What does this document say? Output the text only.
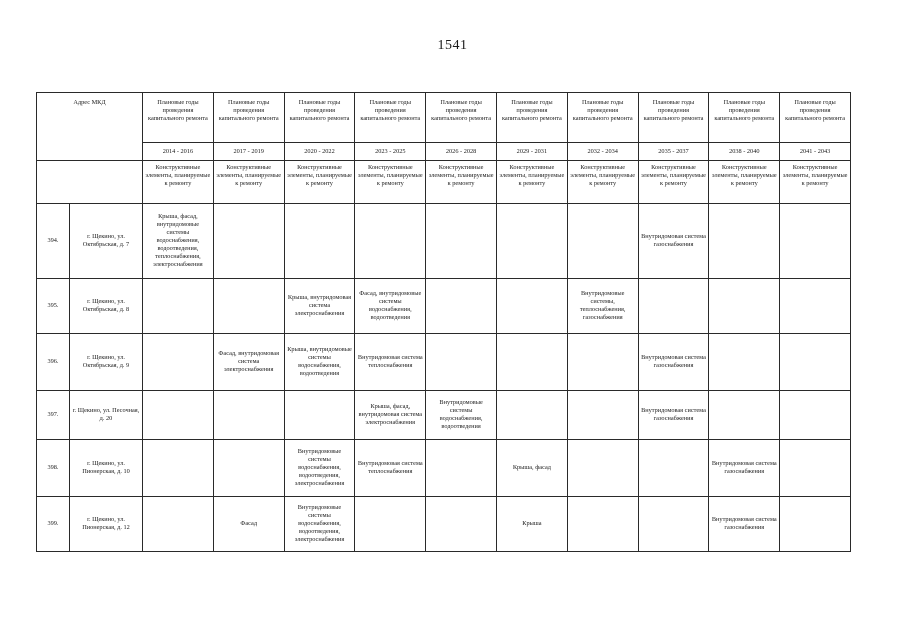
1541
Адрес МКД		Плановые годы проведения капитального ремонта	Плановые годы проведения капитального ремонта	Плановые годы проведения капитального ремонта	Плановые годы проведения капитального ремонта	Плановые годы проведения капитального ремонта	Плановые годы проведения капитального ремонта	Плановые годы проведения капитального ремонта	Плановые годы проведения капитального ремонта	Плановые годы проведения капитального ремонта	Плановые годы проведения капитального ремонта
		2014 - 2016	2017 - 2019	2020 - 2022	2023 - 2025	2026 - 2028	2029 - 2031	2032 - 2034	2035 - 2037	2038 - 2040	2041 - 2043
		Конструктивные элементы, планируемые к ремонту	Конструктивные элементы, планируемые к ремонту	Конструктивные элементы, планируемые к ремонту	Конструктивные элементы, планируемые к ремонту	Конструктивные элементы, планируемые к ремонту	Конструктивные элементы, планируемые к ремонту	Конструктивные элементы, планируемые к ремонту	Конструктивные элементы, планируемые к ремонту	Конструктивные элементы, планируемые к ремонту	Конструктивные элементы, планируемые к ремонту
394.	г. Щекино, ул. Октябрьская, д. 7	Крыша, фасад, внутридомовые системы водоснабжения, водоотведения, теплоснабжения, электроснабжения							Внутридомовая система газоснабжения		
395.	г. Щекино, ул. Октябрьская, д. 8			Крыша, внутридомовая система электроснабжения	Фасад, внутридомовые системы водоснабжения, водоотведения			Внутридомовые системы, теплоснабжения, газоснабжения			
396.	г. Щекино, ул. Октябрьская, д. 9		Фасад, внутридомовая система электроснабжения	Крыша, внутридомовые системы водоснабжения, водоотведения	Внутридомовая система теплоснабжения				Внутридомовая система газоснабжения		
397.	г. Щекино, ул. Песочная, д. 20				Крыша, фасад, внутридомовая система электроснабжения	Внутридомовые системы водоснабжения, водоотведения			Внутридомовая система газоснабжения		
398.	г. Щекино, ул. Пионерская, д. 10			Внутридомовые системы водоснабжения, водоотведения, электроснабжения	Внутридомовая система теплоснабжения		Крыша, фасад			Внутридомовая система газоснабжения	
399.	г. Щекино, ул. Пионерская, д. 12		Фасад	Внутридомовые системы водоснабжения, водоотведения, электроснабжения			Крыша			Внутридомовая система газоснабжения	
